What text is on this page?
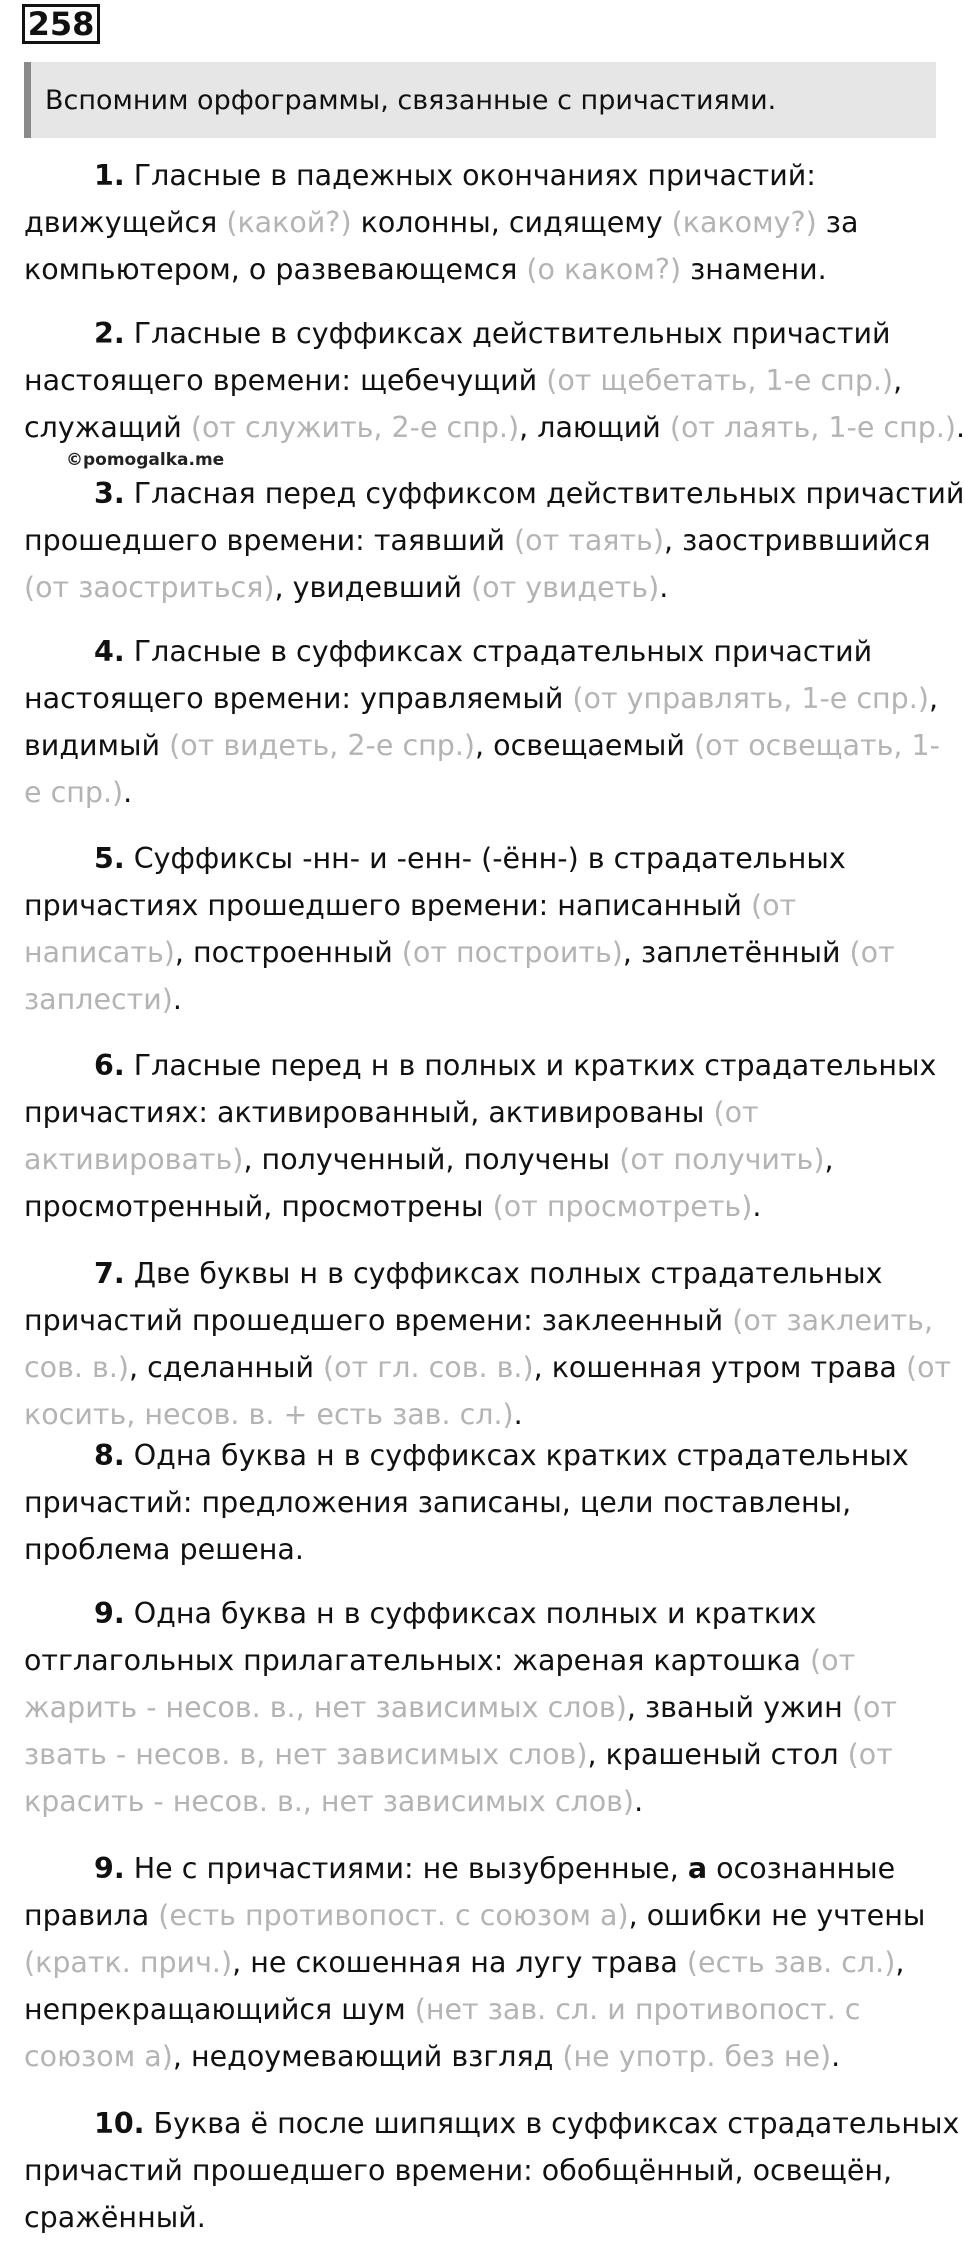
258
Вспомним орфограммы, связанные с причастиями.
1. Гласные в падежных окончаниях причастий:
движущейся (какой?) колонны, сидящему (какому?) за
компьютером, о развевающемся (о каком?) знамени.
2. Гласные в суффиксах действительных причастий
настоящего времени: щебечущий (от щебетать, 1-е спр.),
служащий (от служить, 2-е спр.), лающий (от лаять, 1-е спр.).
3. Гласная перед суффиксом действительных причастий
прошедшего времени: таявший (от таять), заостриввшийся
(от заостриться), увидевший (от увидеть).
4. Гласные в суффиксах страдательных причастий
настоящего времени: управляемый (от управлять, 1-е спр.),
видимый (от видеть, 2-е спр.), освещаемый (от освещать, 1-
е спр.).
5. Суффиксы -нн- и -енн- (-ённ-) в страдательных
причастиях прошедшего времени: написанный (от
написать), построенный (от построить), заплетённый (от
заплести).
6. Гласные перед н в полных и кратких страдательных
причастиях: активированный, активированы (от
активировать), полученный, получены (от получить),
просмотренный, просмотрены (от просмотреть).
7. Две буквы н в суффиксах полных страдательных
причастий прошедшего времени: заклеенный (от заклеить,
сов. в.), сделанный (от гл. сов. в.), кошенная утром трава (от
косить, несов. в. + есть зав. сл.).
8. Одна буква н в суффиксах кратких страдательных
причастий: предложения записаны, цели поставлены,
проблема решена.
9. Одна буква н в суффиксах полных и кратких
отглагольных прилагательных: жареная картошка (от
жарить - несов. в., нет зависимых слов), званый ужин (от
звать - несов. в, нет зависимых слов), крашеный стол (от
красить - несов. в., нет зависимых слов).
9. Не с причастиями: не вызубренные, а осознанные
правила (есть противопост. с союзом а), ошибки не учтены
(кратк. прич.), не скошенная на лугу трава (есть зав. сл.),
непрекращающийся шум (нет зав. сл. и противопост. с
союзом а), недоумевающий взгляд (не употр. без не).
10. Буква ё после шипящих в суффиксах страдательных
причастий прошедшего времени: обобщённый, освещён,
сражённый.
©pomogalka.me
